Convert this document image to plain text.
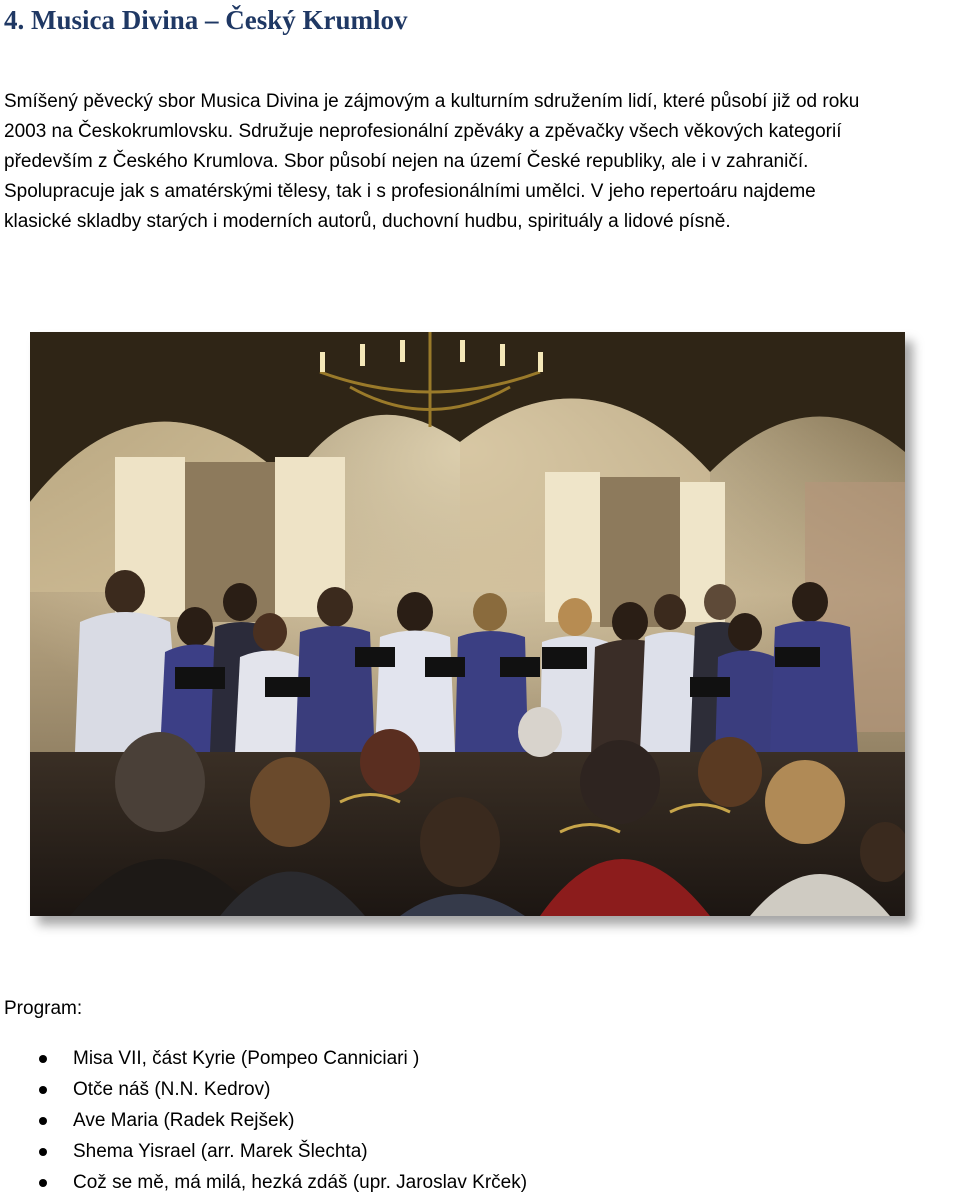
4. Musica Divina – Český Krumlov

Smíšený pěvecký sbor Musica Divina je zájmovým a kulturním sdružením lidí, které působí již od roku
2003 na Českokrumlovsku. Sdružuje neprofesionální zpěváky a zpěvačky všech věkových kategorií
především z Českého Krumlova. Sbor působí nejen na území České republiky, ale i v zahraničí.
Spolupracuje jak s amatérskými tělesy, tak i s profesionálními umělci. V jeho repertoáru najdeme
klasické skladby starých i moderních autorů, duchovní hudbu, spirituály a lidové písně.

Program:

Misa VII, část Kyrie (Pompeo Canniciari )
Otče náš (N.N. Kedrov)
Ave Maria (Radek Rejšek)
Shema Yisrael (arr. Marek Šlechta)
Což se mě, má milá, hezká zdáš (upr. Jaroslav Krček)
